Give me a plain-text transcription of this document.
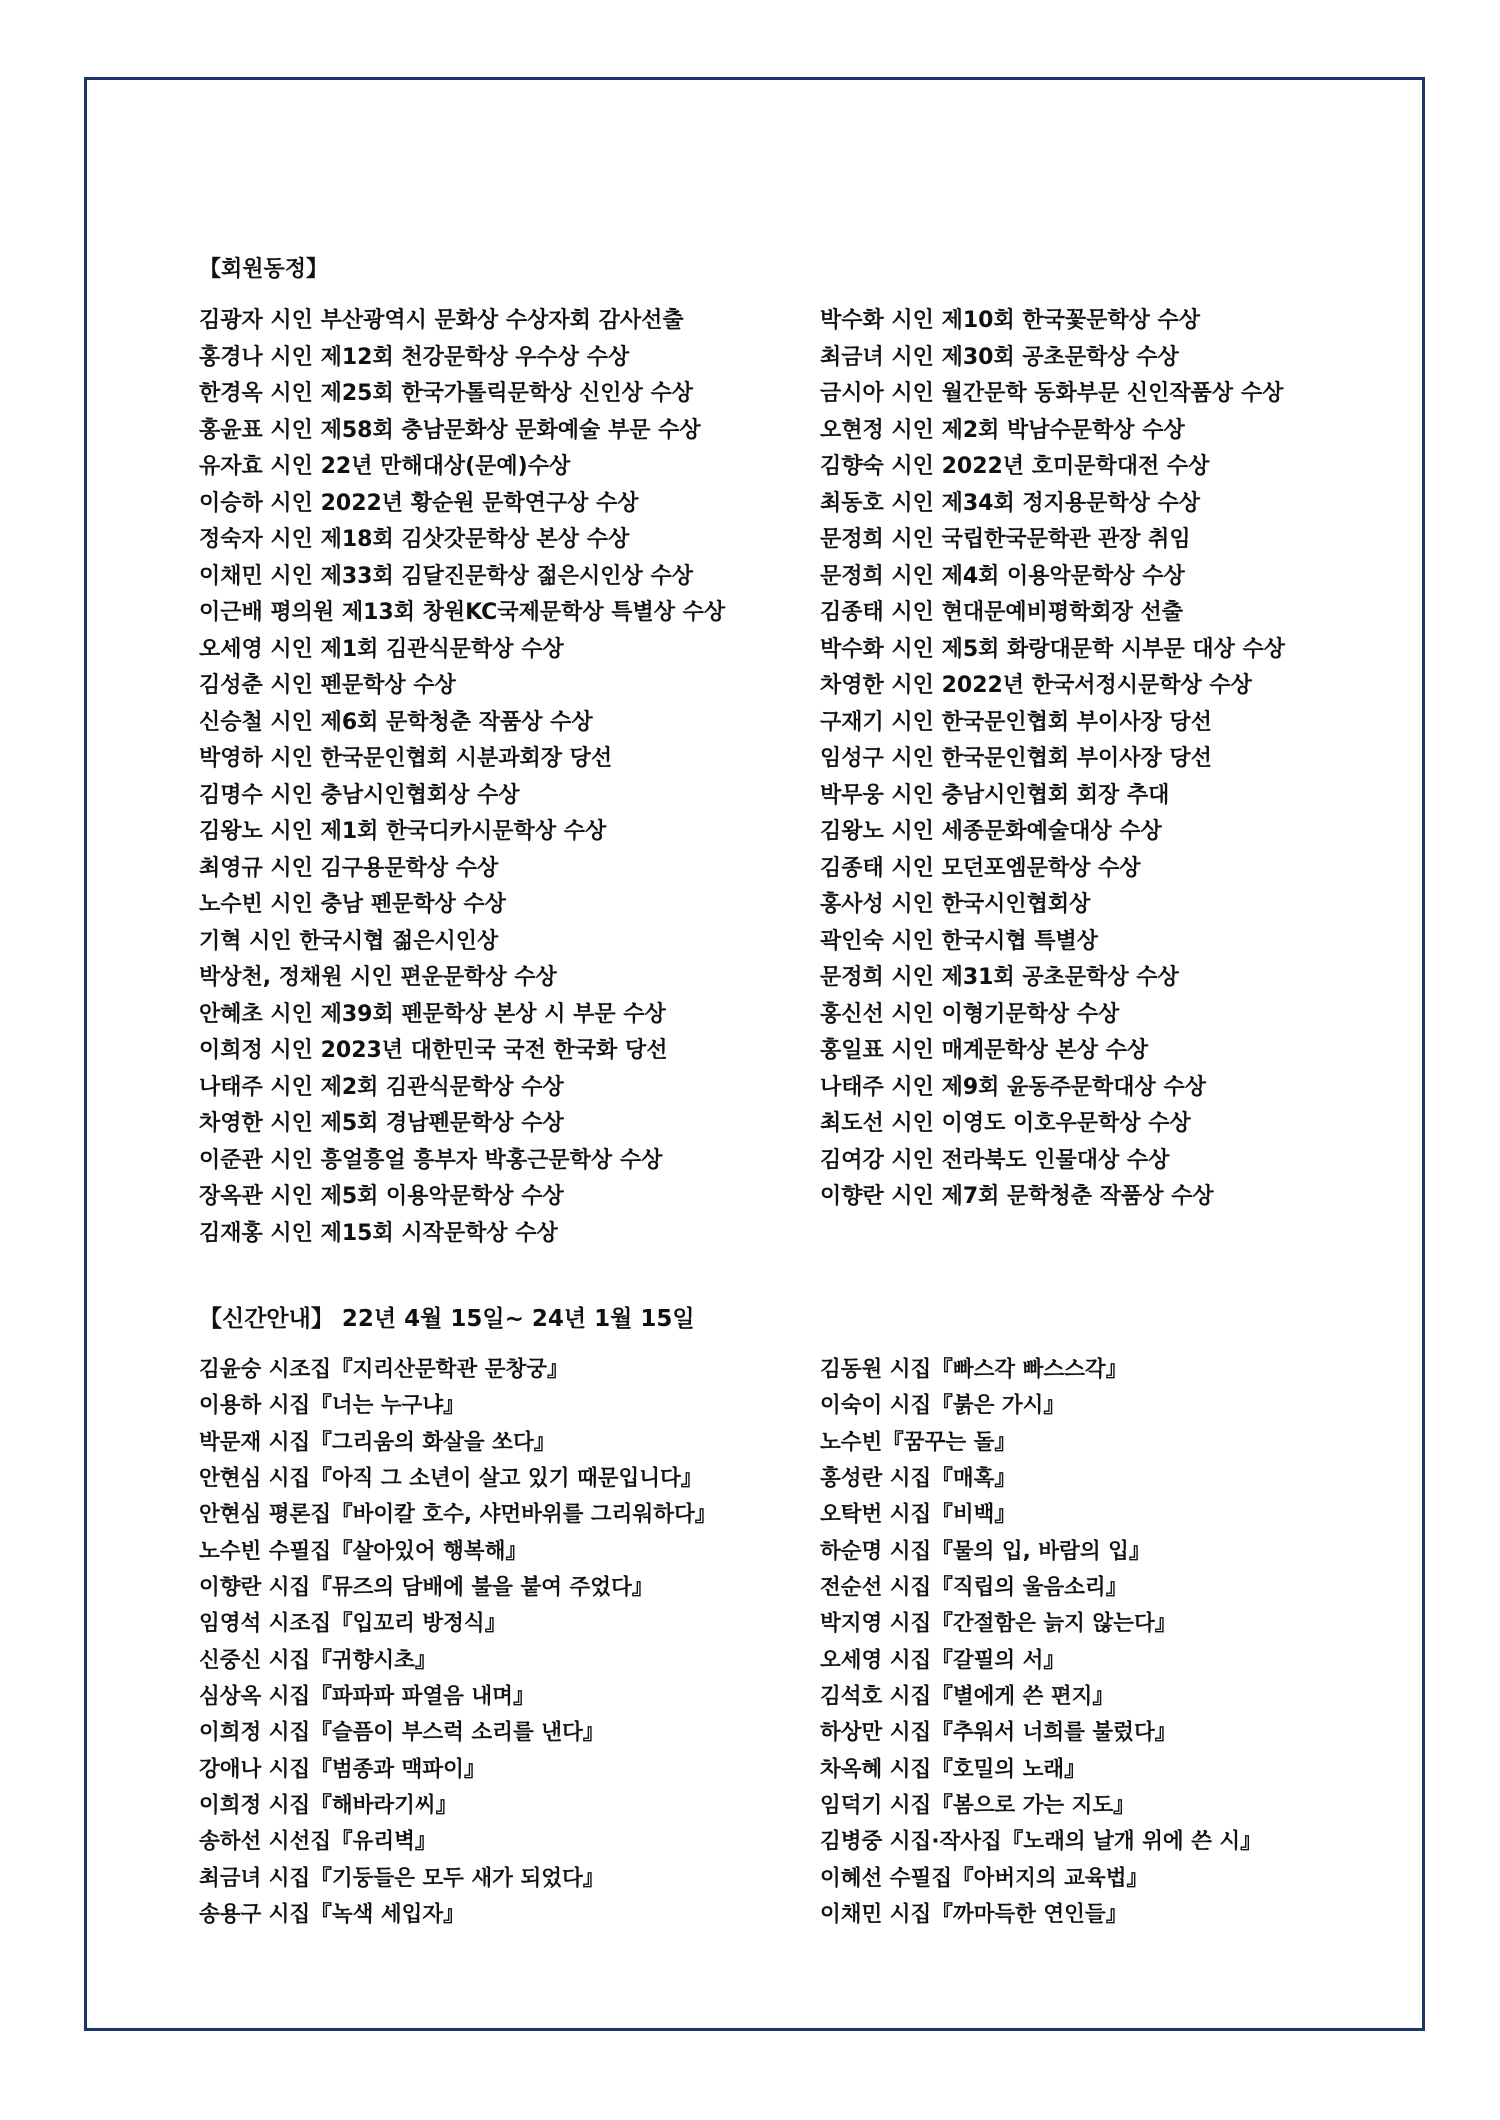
【회원동정】
김광자 시인 부산광역시 문화상 수상자회 감사선출	박수화 시인 제10회 한국꽃문학상 수상
홍경나 시인 제12회 천강문학상 우수상 수상	최금녀 시인 제30회 공초문학상 수상
한경옥 시인 제25회 한국가톨릭문학상 신인상 수상	금시아 시인 월간문학 동화부문 신인작품상 수상
홍윤표 시인 제58회 충남문화상 문화예술 부문 수상	오현정 시인 제2회 박남수문학상 수상
유자효 시인 22년 만해대상(문예)수상	김향숙 시인 2022년 호미문학대전 수상
이승하 시인 2022년 황순원 문학연구상 수상	최동호 시인 제34회 정지용문학상 수상
정숙자 시인 제18회 김삿갓문학상 본상 수상	문정희 시인 국립한국문학관 관장 취임
이채민 시인 제33회 김달진문학상 젊은시인상 수상	문정희 시인 제4회 이용악문학상 수상
이근배 평의원 제13회 창원KC국제문학상 특별상 수상	김종태 시인 현대문예비평학회장 선출
오세영 시인 제1회 김관식문학상 수상	박수화 시인 제5회 화랑대문학 시부문 대상 수상
김성춘 시인 펜문학상 수상	차영한 시인 2022년 한국서정시문학상 수상
신승철 시인 제6회 문학청춘 작품상 수상	구재기 시인 한국문인협회 부이사장 당선
박영하 시인 한국문인협회 시분과회장 당선	임성구 시인 한국문인협회 부이사장 당선
김명수 시인 충남시인협회상 수상	박무웅 시인 충남시인협회 회장 추대
김왕노 시인 제1회 한국디카시문학상 수상	김왕노 시인 세종문화예술대상 수상
최영규 시인 김구용문학상 수상	김종태 시인 모던포엠문학상 수상
노수빈 시인 충남 펜문학상 수상	홍사성 시인 한국시인협회상
기혁 시인 한국시협 젊은시인상	곽인숙 시인 한국시협 특별상
박상천, 정채원 시인 편운문학상 수상	문정희 시인 제31회 공초문학상 수상
안혜초 시인 제39회 펜문학상 본상 시 부문 수상	홍신선 시인 이형기문학상 수상
이희정 시인 2023년 대한민국 국전 한국화 당선	홍일표 시인 매계문학상 본상 수상
나태주 시인 제2회 김관식문학상 수상	나태주 시인 제9회 윤동주문학대상 수상
차영한 시인 제5회 경남펜문학상 수상	최도선 시인 이영도 이호우문학상 수상
이준관 시인 흥얼흥얼 흥부자 박홍근문학상 수상	김여강 시인 전라북도 인물대상 수상
장옥관 시인 제5회 이용악문학상 수상	이향란 시인 제7회 문학청춘 작품상 수상
김재홍 시인 제15회 시작문학상 수상
【신간안내】 22년 4월 15일~ 24년 1월 15일
김윤숭 시조집『지리산문학관 문창궁』	김동원 시집『빠스각 빠스스각』
이용하 시집『너는 누구냐』	이숙이 시집『붉은 가시』
박문재 시집『그리움의 화살을 쏘다』	노수빈『꿈꾸는 돌』
안현심 시집『아직 그 소년이 살고 있기 때문입니다』	홍성란 시집『매혹』
안현심 평론집『바이칼 호수, 샤먼바위를 그리워하다』	오탁번 시집『비백』
노수빈 수필집『살아있어 행복해』	하순명 시집『물의 입, 바람의 입』
이향란 시집『뮤즈의 담배에 불을 붙여 주었다』	전순선 시집『직립의 울음소리』
임영석 시조집『입꼬리 방정식』	박지영 시집『간절함은 늙지 않는다』
신중신 시집『귀향시초』	오세영 시집『갈필의 서』
심상옥 시집『파파파 파열음 내며』	김석호 시집『별에게 쓴 편지』
이희정 시집『슬픔이 부스럭 소리를 낸다』	하상만 시집『추워서 너희를 불렀다』
강애나 시집『범종과 맥파이』	차옥혜 시집『호밀의 노래』
이희정 시집『해바라기씨』	임덕기 시집『봄으로 가는 지도』
송하선 시선집『유리벽』	김병중 시집·작사집『노래의 날개 위에 쓴 시』
최금녀 시집『기둥들은 모두 새가 되었다』	이혜선 수필집『아버지의 교육법』
송용구 시집『녹색 세입자』	이채민 시집『까마득한 연인들』
